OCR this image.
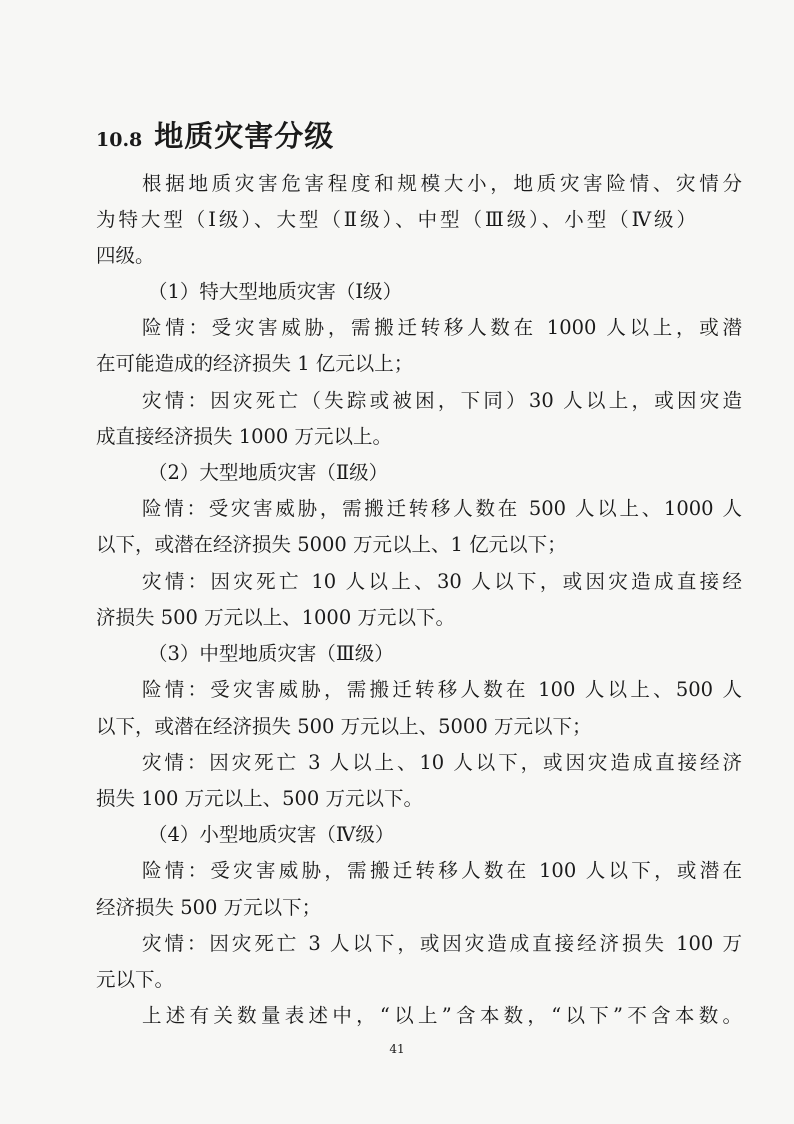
10.8 地质灾害分级
根据地质灾害危害程度和规模大小，地质灾害险情、灾情分
为特大型（Ⅰ级）、大型（Ⅱ级）、中型（Ⅲ级）、小型（Ⅳ级）
四级。
（1）特大型地质灾害（Ⅰ级）
险情：受灾害威胁，需搬迁转移人数在 1000 人以上，或潜
在可能造成的经济损失 1 亿元以上；
灾情：因灾死亡（失踪或被困，下同）30 人以上，或因灾造
成直接经济损失 1000 万元以上。
（2）大型地质灾害（Ⅱ级）
险情：受灾害威胁，需搬迁转移人数在 500 人以上、1000 人
以下，或潜在经济损失 5000 万元以上、1 亿元以下；
灾情：因灾死亡 10 人以上、30 人以下，或因灾造成直接经
济损失 500 万元以上、1000 万元以下。
（3）中型地质灾害（Ⅲ级）
险情：受灾害威胁，需搬迁转移人数在 100 人以上、500 人
以下，或潜在经济损失 500 万元以上、5000 万元以下；
灾情：因灾死亡 3 人以上、10 人以下，或因灾造成直接经济
损失 100 万元以上、500 万元以下。
（4）小型地质灾害（Ⅳ级）
险情：受灾害威胁，需搬迁转移人数在 100 人以下，或潜在
经济损失 500 万元以下；
灾情：因灾死亡 3 人以下，或因灾造成直接经济损失 100 万
元以下。
上述有关数量表述中，“以上”含本数，“以下”不含本数。
41
